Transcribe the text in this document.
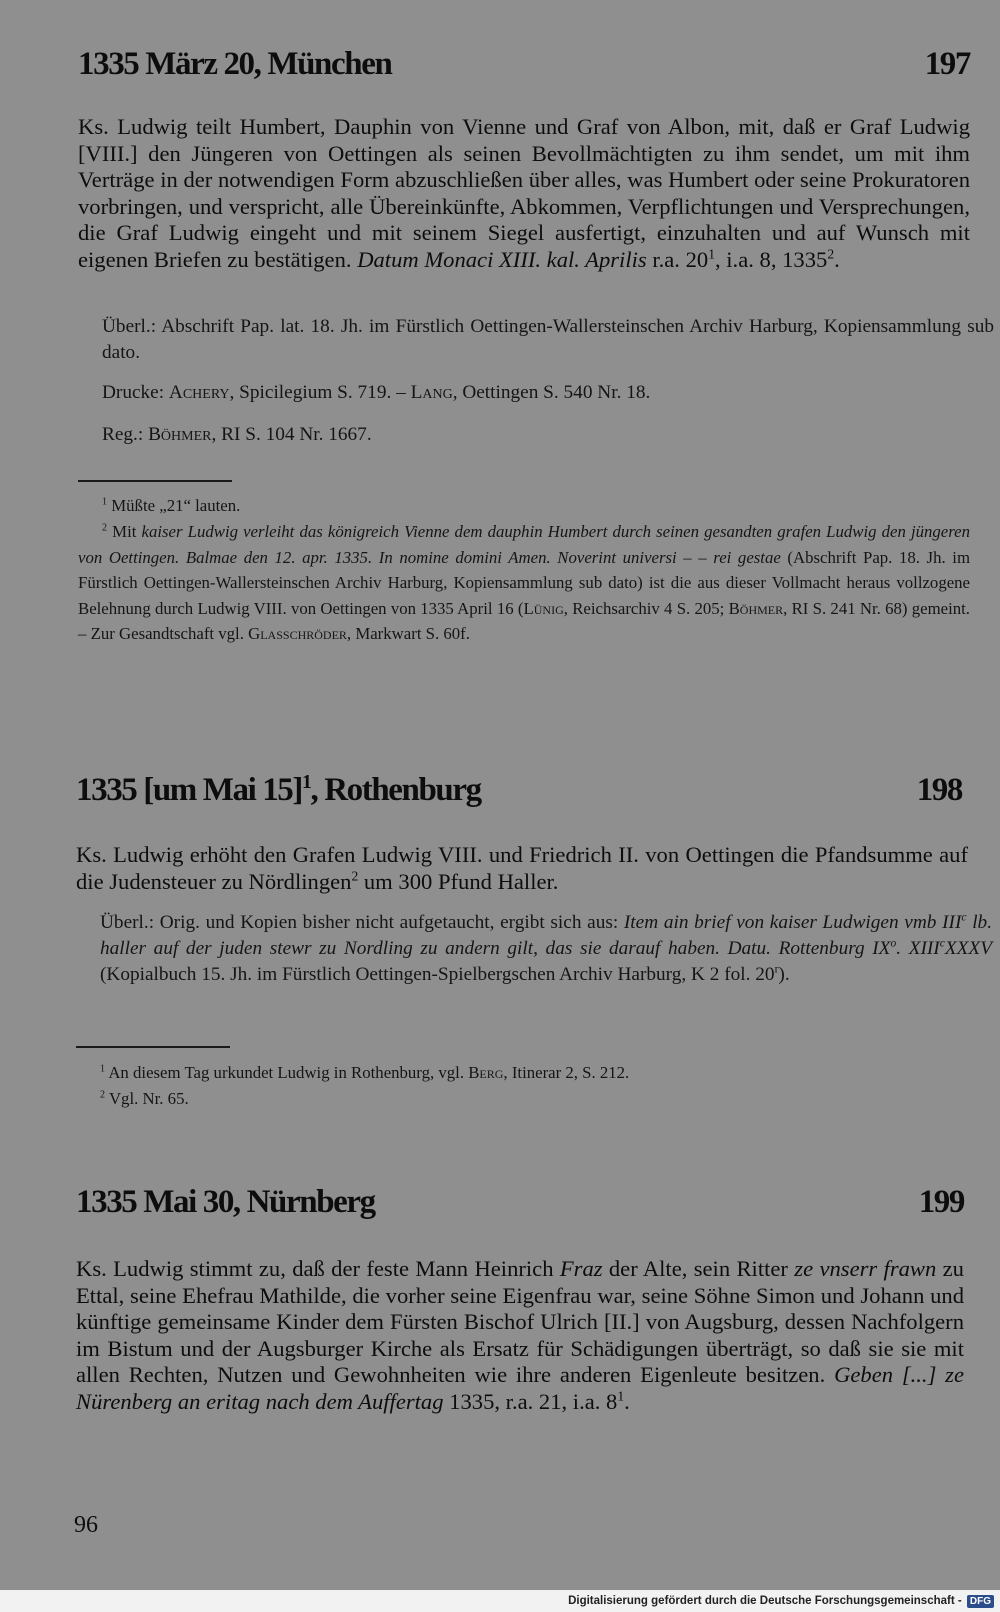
1335 März 20, München	197
Ks. Ludwig teilt Humbert, Dauphin von Vienne und Graf von Albon, mit, daß er Graf Ludwig [VIII.] den Jüngeren von Oettingen als seinen Bevollmächtigten zu ihm sendet, um mit ihm Verträge in der notwendigen Form abzuschließen über alles, was Humbert oder seine Prokuratoren vorbringen, und verspricht, alle Übereinkünfte, Abkommen, Verpflichtungen und Versprechungen, die Graf Ludwig eingeht und mit seinem Siegel ausfertigt, einzuhalten und auf Wunsch mit eigenen Briefen zu bestätigen. Datum Monaci XIII. kal. Aprilis r.a. $20^1$, i.a. 8, 1335$^2$.
Überl.: Abschrift Pap. lat. 18. Jh. im Fürstlich Oettingen-Wallersteinschen Archiv Harburg, Kopiensammlung sub dato.
Drucke: Achery, Spicilegium S. 719. – Lang, Oettingen S. 540 Nr. 18.
Reg.: Böhmer, RI S. 104 Nr. 1667.
$^1$ Müßte „21“ lauten.
$^2$ Mit kaiser Ludwig verleiht das königreich Vienne dem dauphin Humbert durch seinen gesandten grafen Ludwig den jüngeren von Oettingen. Balmae den 12. apr. 1335. In nomine domini Amen. Noverint universi – – rei gestae (Abschrift Pap. 18. Jh. im Fürstlich Oettingen-Wallersteinschen Archiv Harburg, Kopiensammlung sub dato) ist die aus dieser Vollmacht heraus vollzogene Belehnung durch Ludwig VIII. von Oettingen von 1335 April 16 (Lünig, Reichsarchiv 4 S. 205; Böhmer, RI S. 241 Nr. 68) gemeint. – Zur Gesandtschaft vgl. Glasschröder, Markwart S. 60f.
1335 [um Mai 15]$^1$, Rothenburg	198
Ks. Ludwig erhöht den Grafen Ludwig VIII. und Friedrich II. von Oettingen die Pfandsumme auf die Judensteuer zu Nördlingen$^2$ um 300 Pfund Haller.
Überl.: Orig. und Kopien bisher nicht aufgetaucht, ergibt sich aus: Item ain brief von kaiser Ludwigen vmb III$^c$ lb. haller auf der juden stewr zu Nordling zu andern gilt, das sie darauf haben. Datu. Rottenburg $IX^o$. XIII$^c$XXXV (Kopialbuch 15. Jh. im Fürstlich Oettingen-Spielbergschen Archiv Harburg, K 2 fol. 20$^r$).
$^1$ An diesem Tag urkundet Ludwig in Rothenburg, vgl. Berg, Itinerar 2, S. 212.
$^2$ Vgl. Nr. 65.
1335 Mai 30, Nürnberg	199
Ks. Ludwig stimmt zu, daß der feste Mann Heinrich Fraz der Alte, sein Ritter ze vnserr frawn zu Ettal, seine Ehefrau Mathilde, die vorher seine Eigenfrau war, seine Söhne Simon und Johann und künftige gemeinsame Kinder dem Fürsten Bischof Ulrich [II.] von Augsburg, dessen Nachfolgern im Bistum und der Augsburger Kirche als Ersatz für Schädigungen überträgt, so daß sie sie mit allen Rechten, Nutzen und Gewohnheiten wie ihre anderen Eigenleute besitzen. Geben [...] ze Nürenberg an eritag nach dem Auffertag 1335, r.a. 21, i.a. $8^1$.
96
Digitalisierung gefördert durch die Deutsche Forschungsgemeinschaft - DFG
